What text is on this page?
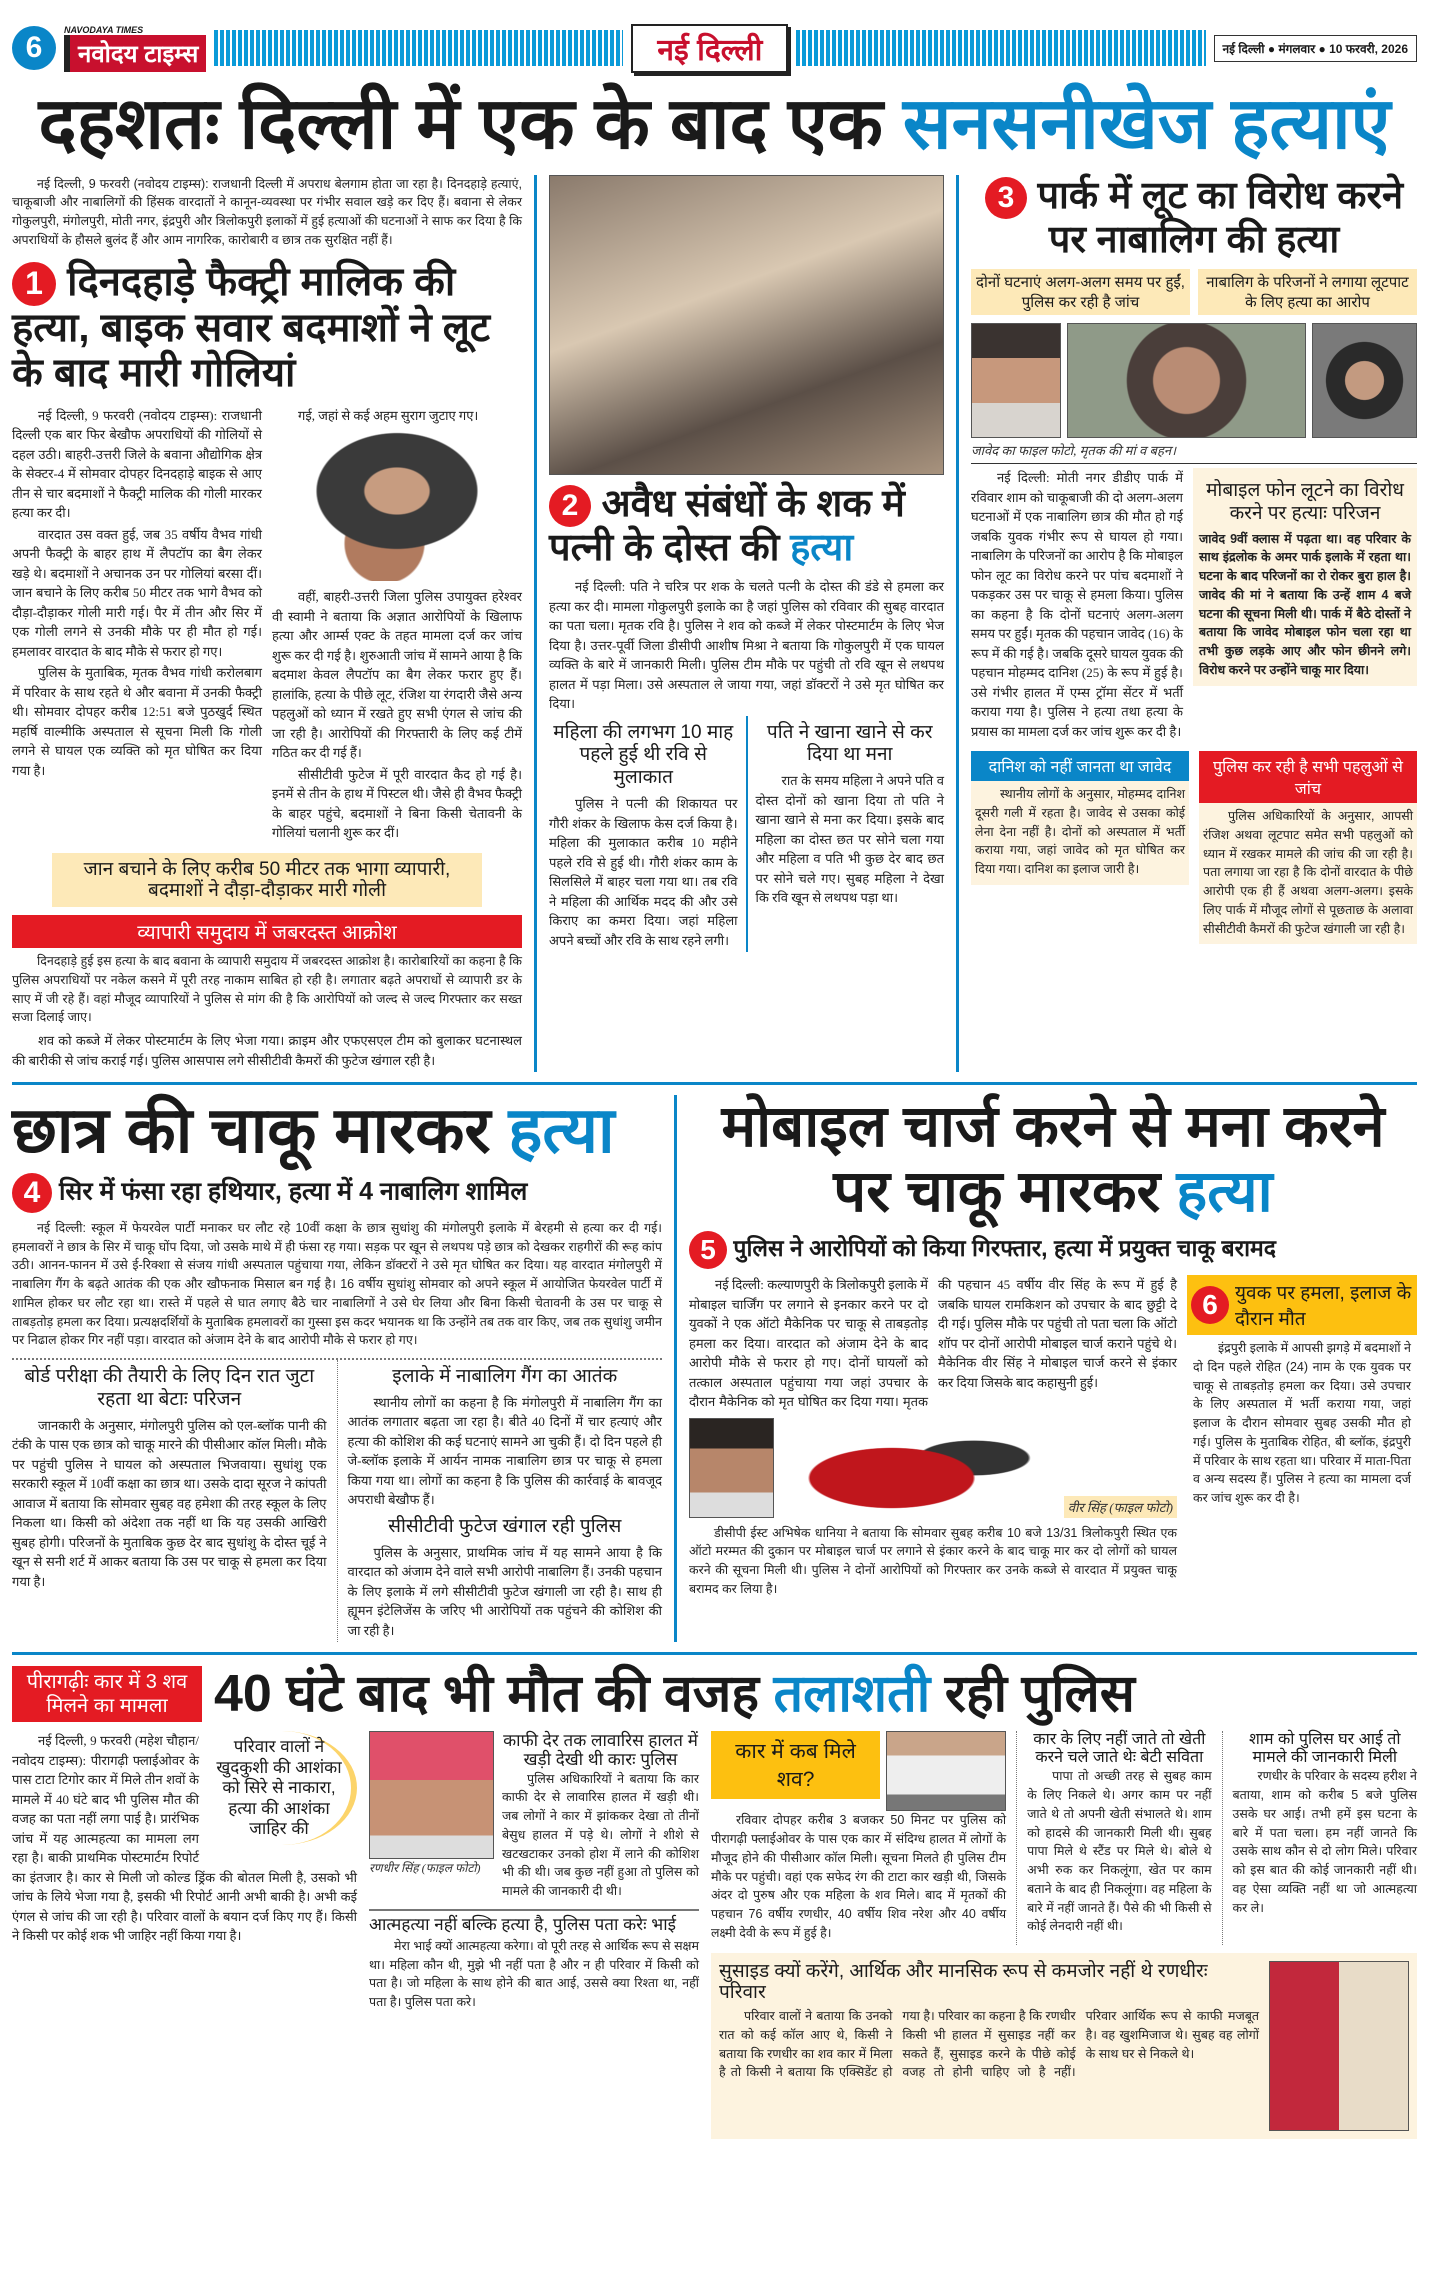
6
NAVODAYA TIMES
नवोदय टाइम्स	नई दिल्ली	नई दिल्ली ● मंगलवार ● 10 फरवरी, 2026
दहशतः दिल्ली में एक के बाद एक सनसनीखेज हत्याएं

नई दिल्ली, 9 फरवरी (नवोदय टाइम्स): राजधानी दिल्ली में अपराध बेलगाम होता जा रहा है। दिनदहाड़े हत्याएं, चाकूबाजी और नाबालिगों की हिंसक वारदातों ने कानून-व्यवस्था पर गंभीर सवाल खड़े कर दिए हैं। बवाना से लेकर गोकुलपुरी, मंगोलपुरी, मोती नगर, इंद्रपुरी और त्रिलोकपुरी इलाकों में हुई हत्याओं की घटनाओं ने साफ कर दिया है कि अपराधियों के हौसले बुलंद हैं और आम नागरिक, कारोबारी व छात्र तक सुरक्षित नहीं हैं।

1 दिनदहाड़े फैक्ट्री मालिक की हत्या, बाइक सवार बदमाशों ने लूट के बाद मारी गोलियां

नई दिल्ली, 9 फरवरी (नवोदय टाइम्स): राजधानी दिल्ली एक बार फिर बेखौफ अपराधियों की गोलियों से दहल उठी। बाहरी-उत्तरी जिले के बवाना औद्योगिक क्षेत्र के सेक्टर-4 में सोमवार दोपहर दिनदहाड़े बाइक से आए तीन से चार बदमाशों ने फैक्ट्री मालिक की गोली मारकर हत्या कर दी।

वारदात उस वक्त हुई, जब 35 वर्षीय वैभव गांधी अपनी फैक्ट्री के बाहर हाथ में लैपटॉप का बैग लेकर खड़े थे। बदमाशों ने अचानक उन पर गोलियां बरसा दीं। जान बचाने के लिए करीब 50 मीटर तक भागे वैभव को दौड़ा-दौड़ाकर गोली मारी गई। पैर में तीन और सिर में एक गोली लगने से उनकी मौके पर ही मौत हो गई। हमलावर वारदात के बाद मौके से फरार हो गए।

पुलिस के मुताबिक, मृतक वैभव गांधी करोलबाग में परिवार के साथ रहते थे और बवाना में उनकी फैक्ट्री थी। सोमवार दोपहर करीब 12:51 बजे पुठखुर्द स्थित महर्षि वाल्मीकि अस्पताल से सूचना मिली कि गोली लगने से घायल एक व्यक्ति को मृत घोषित कर दिया गया है।

गई, जहां से कई अहम सुराग जुटाए गए।

वहीं, बाहरी-उत्तरी जिला पुलिस उपायुक्त हरेश्वर वी स्वामी ने बताया कि अज्ञात आरोपियों के खिलाफ हत्या और आर्म्स एक्ट के तहत मामला दर्ज कर जांच शुरू कर दी गई है। शुरुआती जांच में सामने आया है कि बदमाश केवल लैपटॉप का बैग लेकर फरार हुए हैं। हालांकि, हत्या के पीछे लूट, रंजिश या रंगदारी जैसे अन्य पहलुओं को ध्यान में रखते हुए सभी एंगल से जांच की जा रही है। आरोपियों की गिरफ्तारी के लिए कई टीमें गठित कर दी गई हैं।

सीसीटीवी फुटेज में पूरी वारदात कैद हो गई है। इनमें से तीन के हाथ में पिस्टल थी। जैसे ही वैभव फैक्ट्री के बाहर पहुंचे, बदमाशों ने बिना किसी चेतावनी के गोलियां चलानी शुरू कर दीं।

जान बचाने के लिए करीब 50 मीटर तक भागा व्यापारी, बदमाशों ने दौड़ा-दौड़ाकर मारी गोली
व्यापारी समुदाय में जबरदस्त आक्रोश

दिनदहाड़े हुई इस हत्या के बाद बवाना के व्यापारी समुदाय में जबरदस्त आक्रोश है। कारोबारियों का कहना है कि पुलिस अपराधियों पर नकेल कसने में पूरी तरह नाकाम साबित हो रही है। लगातार बढ़ते अपराधों से व्यापारी डर के साए में जी रहे हैं। वहां मौजूद व्यापारियों ने पुलिस से मांग की है कि आरोपियों को जल्द से जल्द गिरफ्तार कर सख्त सजा दिलाई जाए।

शव को कब्जे में लेकर पोस्टमार्टम के लिए भेजा गया। क्राइम और एफएसएल टीम को बुलाकर घटनास्थल की बारीकी से जांच कराई गई। पुलिस आसपास लगे सीसीटीवी कैमरों की फुटेज खंगाल रही है।

2 अवैध संबंधों के शक में पत्नी के दोस्त की हत्या

नई दिल्ली: पति ने चरित्र पर शक के चलते पत्नी के दोस्त की डंडे से हमला कर हत्या कर दी। मामला गोकुलपुरी इलाके का है जहां पुलिस को रविवार की सुबह वारदात का पता चला। मृतक रवि है। पुलिस ने शव को कब्जे में लेकर पोस्टमार्टम के लिए भेज दिया है। उत्तर-पूर्वी जिला डीसीपी आशीष मिश्रा ने बताया कि गोकुलपुरी में एक घायल व्यक्ति के बारे में जानकारी मिली। पुलिस टीम मौके पर पहुंची तो रवि खून से लथपथ हालत में पड़ा मिला। उसे अस्पताल ले जाया गया, जहां डॉक्टरों ने उसे मृत घोषित कर दिया।

महिला की लगभग 10 माह पहले हुई थी रवि से मुलाकात

पुलिस ने पत्नी की शिकायत पर गौरी शंकर के खिलाफ केस दर्ज किया है। महिला की मुलाकात करीब 10 महीने पहले रवि से हुई थी। गौरी शंकर काम के सिलसिले में बाहर चला गया था। तब रवि ने महिला की आर्थिक मदद की और उसे किराए का कमरा दिया। जहां महिला अपने बच्चों और रवि के साथ रहने लगी।

पति ने खाना खाने से कर दिया था मना

रात के समय महिला ने अपने पति व दोस्त दोनों को खाना दिया तो पति ने खाना खाने से मना कर दिया। इसके बाद महिला का दोस्त छत पर सोने चला गया और महिला व पति भी कुछ देर बाद छत पर सोने चले गए। सुबह महिला ने देखा कि रवि खून से लथपथ पड़ा था।

3 पार्क में लूट का विरोध करने पर नाबालिग की हत्या
दोनों घटनाएं अलग-अलग समय पर हुईं, पुलिस कर रही है जांच
नाबालिग के परिजनों ने लगाया लूटपाट के लिए हत्या का आरोप
जावेद का फाइल फोटो, मृतक की मां व बहन।

नई दिल्ली: मोती नगर डीडीए पार्क में रविवार शाम को चाकूबाजी की दो अलग-अलग घटनाओं में एक नाबालिग छात्र की मौत हो गई जबकि युवक गंभीर रूप से घायल हो गया। नाबालिग के परिजनों का आरोप है कि मोबाइल फोन लूट का विरोध करने पर पांच बदमाशों ने पकड़कर उस पर चाकू से हमला किया। पुलिस का कहना है कि दोनों घटनाएं अलग-अलग समय पर हुईं। मृतक की पहचान जावेद (16) के रूप में की गई है। जबकि दूसरे घायल युवक की पहचान मोहम्मद दानिश (25) के रूप में हुई है। उसे गंभीर हालत में एम्स ट्रॉमा सेंटर में भर्ती कराया गया है। पुलिस ने हत्या तथा हत्या के प्रयास का मामला दर्ज कर जांच शुरू कर दी है।

मोबाइल फोन लूटने का विरोध करने पर हत्याः परिजन
जावेद 9वीं क्लास में पढ़ता था। वह परिवार के साथ इंद्रलोक के अमर पार्क इलाके में रहता था। घटना के बाद परिजनों का रो रोकर बुरा हाल है। जावेद की मां ने बताया कि उन्हें शाम 4 बजे घटना की सूचना मिली थी। पार्क में बैठे दोस्तों ने बताया कि जावेद मोबाइल फोन चला रहा था तभी कुछ लड़के आए और फोन छीनने लगे। विरोध करने पर उन्होंने चाकू मार दिया।
दानिश को नहीं जानता था जावेद

स्थानीय लोगों के अनुसार, मोहम्मद दानिश दूसरी गली में रहता है। जावेद से उसका कोई लेना देना नहीं है। दोनों को अस्पताल में भर्ती कराया गया, जहां जावेद को मृत घोषित कर दिया गया। दानिश का इलाज जारी है।

पुलिस कर रही है सभी पहलुओं से जांच

पुलिस अधिकारियों के अनुसार, आपसी रंजिश अथवा लूटपाट समेत सभी पहलुओं को ध्यान में रखकर मामले की जांच की जा रही है। पता लगाया जा रहा है कि दोनों वारदात के पीछे आरोपी एक ही हैं अथवा अलग-अलग। इसके लिए पार्क में मौजूद लोगों से पूछताछ के अलावा सीसीटीवी कैमरों की फुटेज खंगाली जा रही है।

छात्र की चाकू मारकर हत्या
4 सिर में फंसा रहा हथियार, हत्या में 4 नाबालिग शामिल

नई दिल्ली: स्कूल में फेयरवेल पार्टी मनाकर घर लौट रहे 10वीं कक्षा के छात्र सुधांशु की मंगोलपुरी इलाके में बेरहमी से हत्या कर दी गई। हमलावरों ने छात्र के सिर में चाकू घोंप दिया, जो उसके माथे में ही फंसा रह गया। सड़क पर खून से लथपथ पड़े छात्र को देखकर राहगीरों की रूह कांप उठी। आनन-फानन में उसे ई-रिक्शा से संजय गांधी अस्पताल पहुंचाया गया, लेकिन डॉक्टरों ने उसे मृत घोषित कर दिया। यह वारदात मंगोलपुरी में नाबालिग गैंग के बढ़ते आतंक की एक और खौफनाक मिसाल बन गई है। 16 वर्षीय सुधांशु सोमवार को अपने स्कूल में आयोजित फेयरवेल पार्टी में शामिल होकर घर लौट रहा था। रास्ते में पहले से घात लगाए बैठे चार नाबालिगों ने उसे घेर लिया और बिना किसी चेतावनी के उस पर चाकू से ताबड़तोड़ हमला कर दिया। प्रत्यक्षदर्शियों के मुताबिक हमलावरों का गुस्सा इस कदर भयानक था कि उन्होंने तब तक वार किए, जब तक सुधांशु जमीन पर निढाल होकर गिर नहीं पड़ा। वारदात को अंजाम देने के बाद आरोपी मौके से फरार हो गए।

बोर्ड परीक्षा की तैयारी के लिए दिन रात जुटा रहता था बेटाः परिजन

जानकारी के अनुसार, मंगोलपुरी पुलिस को एल-ब्लॉक पानी की टंकी के पास एक छात्र को चाकू मारने की पीसीआर कॉल मिली। मौके पर पहुंची पुलिस ने घायल को अस्पताल भिजवाया। सुधांशु एक सरकारी स्कूल में 10वीं कक्षा का छात्र था। उसके दादा सूरज ने कांपती आवाज में बताया कि सोमवार सुबह वह हमेशा की तरह स्कूल के लिए निकला था। किसी को अंदेशा तक नहीं था कि यह उसकी आखिरी सुबह होगी। परिजनों के मुताबिक कुछ देर बाद सुधांशु के दोस्त चूई ने खून से सनी शर्ट में आकर बताया कि उस पर चाकू से हमला कर दिया गया है।

इलाके में नाबालिग गैंग का आतंक

स्थानीय लोगों का कहना है कि मंगोलपुरी में नाबालिग गैंग का आतंक लगातार बढ़ता जा रहा है। बीते 40 दिनों में चार हत्याएं और हत्या की कोशिश की कई घटनाएं सामने आ चुकी हैं। दो दिन पहले ही जे-ब्लॉक इलाके में आर्यन नामक नाबालिग छात्र पर चाकू से हमला किया गया था। लोगों का कहना है कि पुलिस की कार्रवाई के बावजूद अपराधी बेखौफ हैं।

सीसीटीवी फुटेज खंगाल रही पुलिस

पुलिस के अनुसार, प्राथमिक जांच में यह सामने आया है कि वारदात को अंजाम देने वाले सभी आरोपी नाबालिग हैं। उनकी पहचान के लिए इलाके में लगे सीसीटीवी फुटेज खंगाली जा रही है। साथ ही ह्यूमन इंटेलिजेंस के जरिए भी आरोपियों तक पहुंचने की कोशिश की जा रही है।

मोबाइल चार्ज करने से मना करने पर चाकू मारकर हत्या
5 पुलिस ने आरोपियों को किया गिरफ्तार, हत्या में प्रयुक्त चाकू बरामद

नई दिल्ली: कल्याणपुरी के त्रिलोकपुरी इलाके में मोबाइल चार्जिंग पर लगाने से इनकार करने पर दो युवकों ने एक ऑटो मैकेनिक पर चाकू से ताबड़तोड़ हमला कर दिया। वारदात को अंजाम देने के बाद आरोपी मौके से फरार हो गए। दोनों घायलों को तत्काल अस्पताल पहुंचाया गया जहां उपचार के दौरान मैकेनिक को मृत घोषित कर दिया गया। मृतक की पहचान 45 वर्षीय वीर सिंह के रूप में हुई है जबकि घायल रामकिशन को उपचार के बाद छुट्टी दे दी गई। पुलिस मौके पर पहुंची तो पता चला कि ऑटो शॉप पर दोनों आरोपी मोबाइल चार्ज कराने पहुंचे थे। मैकेनिक वीर सिंह ने मोबाइल चार्ज करने से इंकार कर दिया जिसके बाद कहासुनी हुई।

वीर सिंह (फाइल फोटो)

डीसीपी ईस्ट अभिषेक धानिया ने बताया कि सोमवार सुबह करीब 10 बजे 13/31 त्रिलोकपुरी स्थित एक ऑटो मरम्मत की दुकान पर मोबाइल चार्ज पर लगाने से इंकार करने के बाद चाकू मार कर दो लोगों को घायल करने की सूचना मिली थी। पुलिस ने दोनों आरोपियों को गिरफ्तार कर उनके कब्जे से वारदात में प्रयुक्त चाकू बरामद कर लिया है।

6 युवक पर हमला, इलाज के दौरान मौत

इंद्रपुरी इलाके में आपसी झगड़े में बदमाशों ने दो दिन पहले रोहित (24) नाम के एक युवक पर चाकू से ताबड़तोड़ हमला कर दिया। उसे उपचार के लिए अस्पताल में भर्ती कराया गया, जहां इलाज के दौरान सोमवार सुबह उसकी मौत हो गई। पुलिस के मुताबिक रोहित, बी ब्लॉक, इंद्रपुरी में परिवार के साथ रहता था। परिवार में माता-पिता व अन्य सदस्य हैं। पुलिस ने हत्या का मामला दर्ज कर जांच शुरू कर दी है।

पीरागढ़ीः कार में 3 शव मिलने का मामला 40 घंटे बाद भी मौत की वजह तलाशती रही पुलिस
परिवार वालों ने खुदकुशी की आशंका को सिरे से नाकारा, हत्या की आशंका जाहिर की

नई दिल्ली, 9 फरवरी (महेश चौहान/ नवोदय टाइम्स): पीरागढ़ी फ्लाईओवर के पास टाटा टिगोर कार में मिले तीन शवों के मामले में 40 घंटे बाद भी पुलिस मौत की वजह का पता नहीं लगा पाई है। प्रारंभिक जांच में यह आत्महत्या का मामला लग रहा है। बाकी प्राथमिक पोस्टमार्टम रिपोर्ट का इंतजार है। कार से मिली जो कोल्ड ड्रिंक की बोतल मिली है, उसको भी जांच के लिये भेजा गया है, इसकी भी रिपोर्ट आनी अभी बाकी है। अभी कई एंगल से जांच की जा रही है। परिवार वालों के बयान दर्ज किए गए हैं। किसी ने किसी पर कोई शक भी जाहिर नहीं किया गया है।

रणधीर सिंह (फाइल फोटो)
काफी देर तक लावारिस हालत में खड़ी देखी थी कारः पुलिस

पुलिस अधिकारियों ने बताया कि कार काफी देर से लावारिस हालत में खड़ी थी। जब लोगों ने कार में झांककर देखा तो तीनों बेसुध हालत में पड़े थे। लोगों ने शीशे से खटखटाकर उनको होश में लाने की कोशिश भी की थी। जब कुछ नहीं हुआ तो पुलिस को मामले की जानकारी दी थी।

आत्महत्या नहीं बल्कि हत्या है, पुलिस पता करेः भाई

मेरा भाई क्यों आत्महत्या करेगा। वो पूरी तरह से आर्थिक रूप से सक्षम था। महिला कौन थी, मुझे भी नहीं पता है और न ही परिवार में किसी को पता है। जो महिला के साथ होने की बात आई, उससे क्या रिश्ता था, नहीं पता है। पुलिस पता करे।

कार में कब मिले शव?

रविवार दोपहर करीब 3 बजकर 50 मिनट पर पुलिस को पीरागढ़ी फ्लाईओवर के पास एक कार में संदिग्ध हालत में लोगों के मौजूद होने की पीसीआर कॉल मिली। सूचना मिलते ही पुलिस टीम मौके पर पहुंची। वहां एक सफेद रंग की टाटा कार खड़ी थी, जिसके अंदर दो पुरुष और एक महिला के शव मिले। बाद में मृतकों की पहचान 76 वर्षीय रणधीर, 40 वर्षीय शिव नरेश और 40 वर्षीय लक्ष्मी देवी के रूप में हुई है।

कार के लिए नहीं जाते तो खेती करने चले जाते थेः बेटी सविता

पापा तो अच्छी तरह से सुबह काम के लिए निकले थे। अगर काम पर नहीं जाते थे तो अपनी खेती संभालते थे। शाम को हादसे की जानकारी मिली थी। सुबह पापा मिले थे स्टैंड पर मिले थे। बोले थे अभी रुक कर निकलूंगा, खेत पर काम बताने के बाद ही निकलूंगा। वह महिला के बारे में नहीं जानते हैं। पैसे की भी किसी से कोई लेनदारी नहीं थी।

शाम को पुलिस घर आई तो मामले की जानकारी मिली

रणधीर के परिवार के सदस्य हरीश ने बताया, शाम को करीब 5 बजे पुलिस उसके घर आई। तभी हमें इस घटना के बारे में पता चला। हम नहीं जानते कि उसके साथ कौन से दो लोग मिले। परिवार को इस बात की कोई जानकारी नहीं थी। वह ऐसा व्यक्ति नहीं था जो आत्महत्या कर ले।

सुसाइड क्यों करेंगे, आर्थिक और मानसिक रूप से कमजोर नहीं थे रणधीरः परिवार

परिवार वालों ने बताया कि उनको रात को कई कॉल आए थे, किसी ने बताया कि रणधीर का शव कार में मिला है तो किसी ने बताया कि एक्सिडेंट हो गया है। परिवार का कहना है कि रणधीर किसी भी हालत में सुसाइड नहीं कर सकते हैं, सुसाइड करने के पीछे कोई वजह तो होनी चाहिए जो है नहीं। परिवार आर्थिक रूप से काफी मजबूत है। वह खुशमिजाज थे। सुबह वह लोगों के साथ घर से निकले थे।
